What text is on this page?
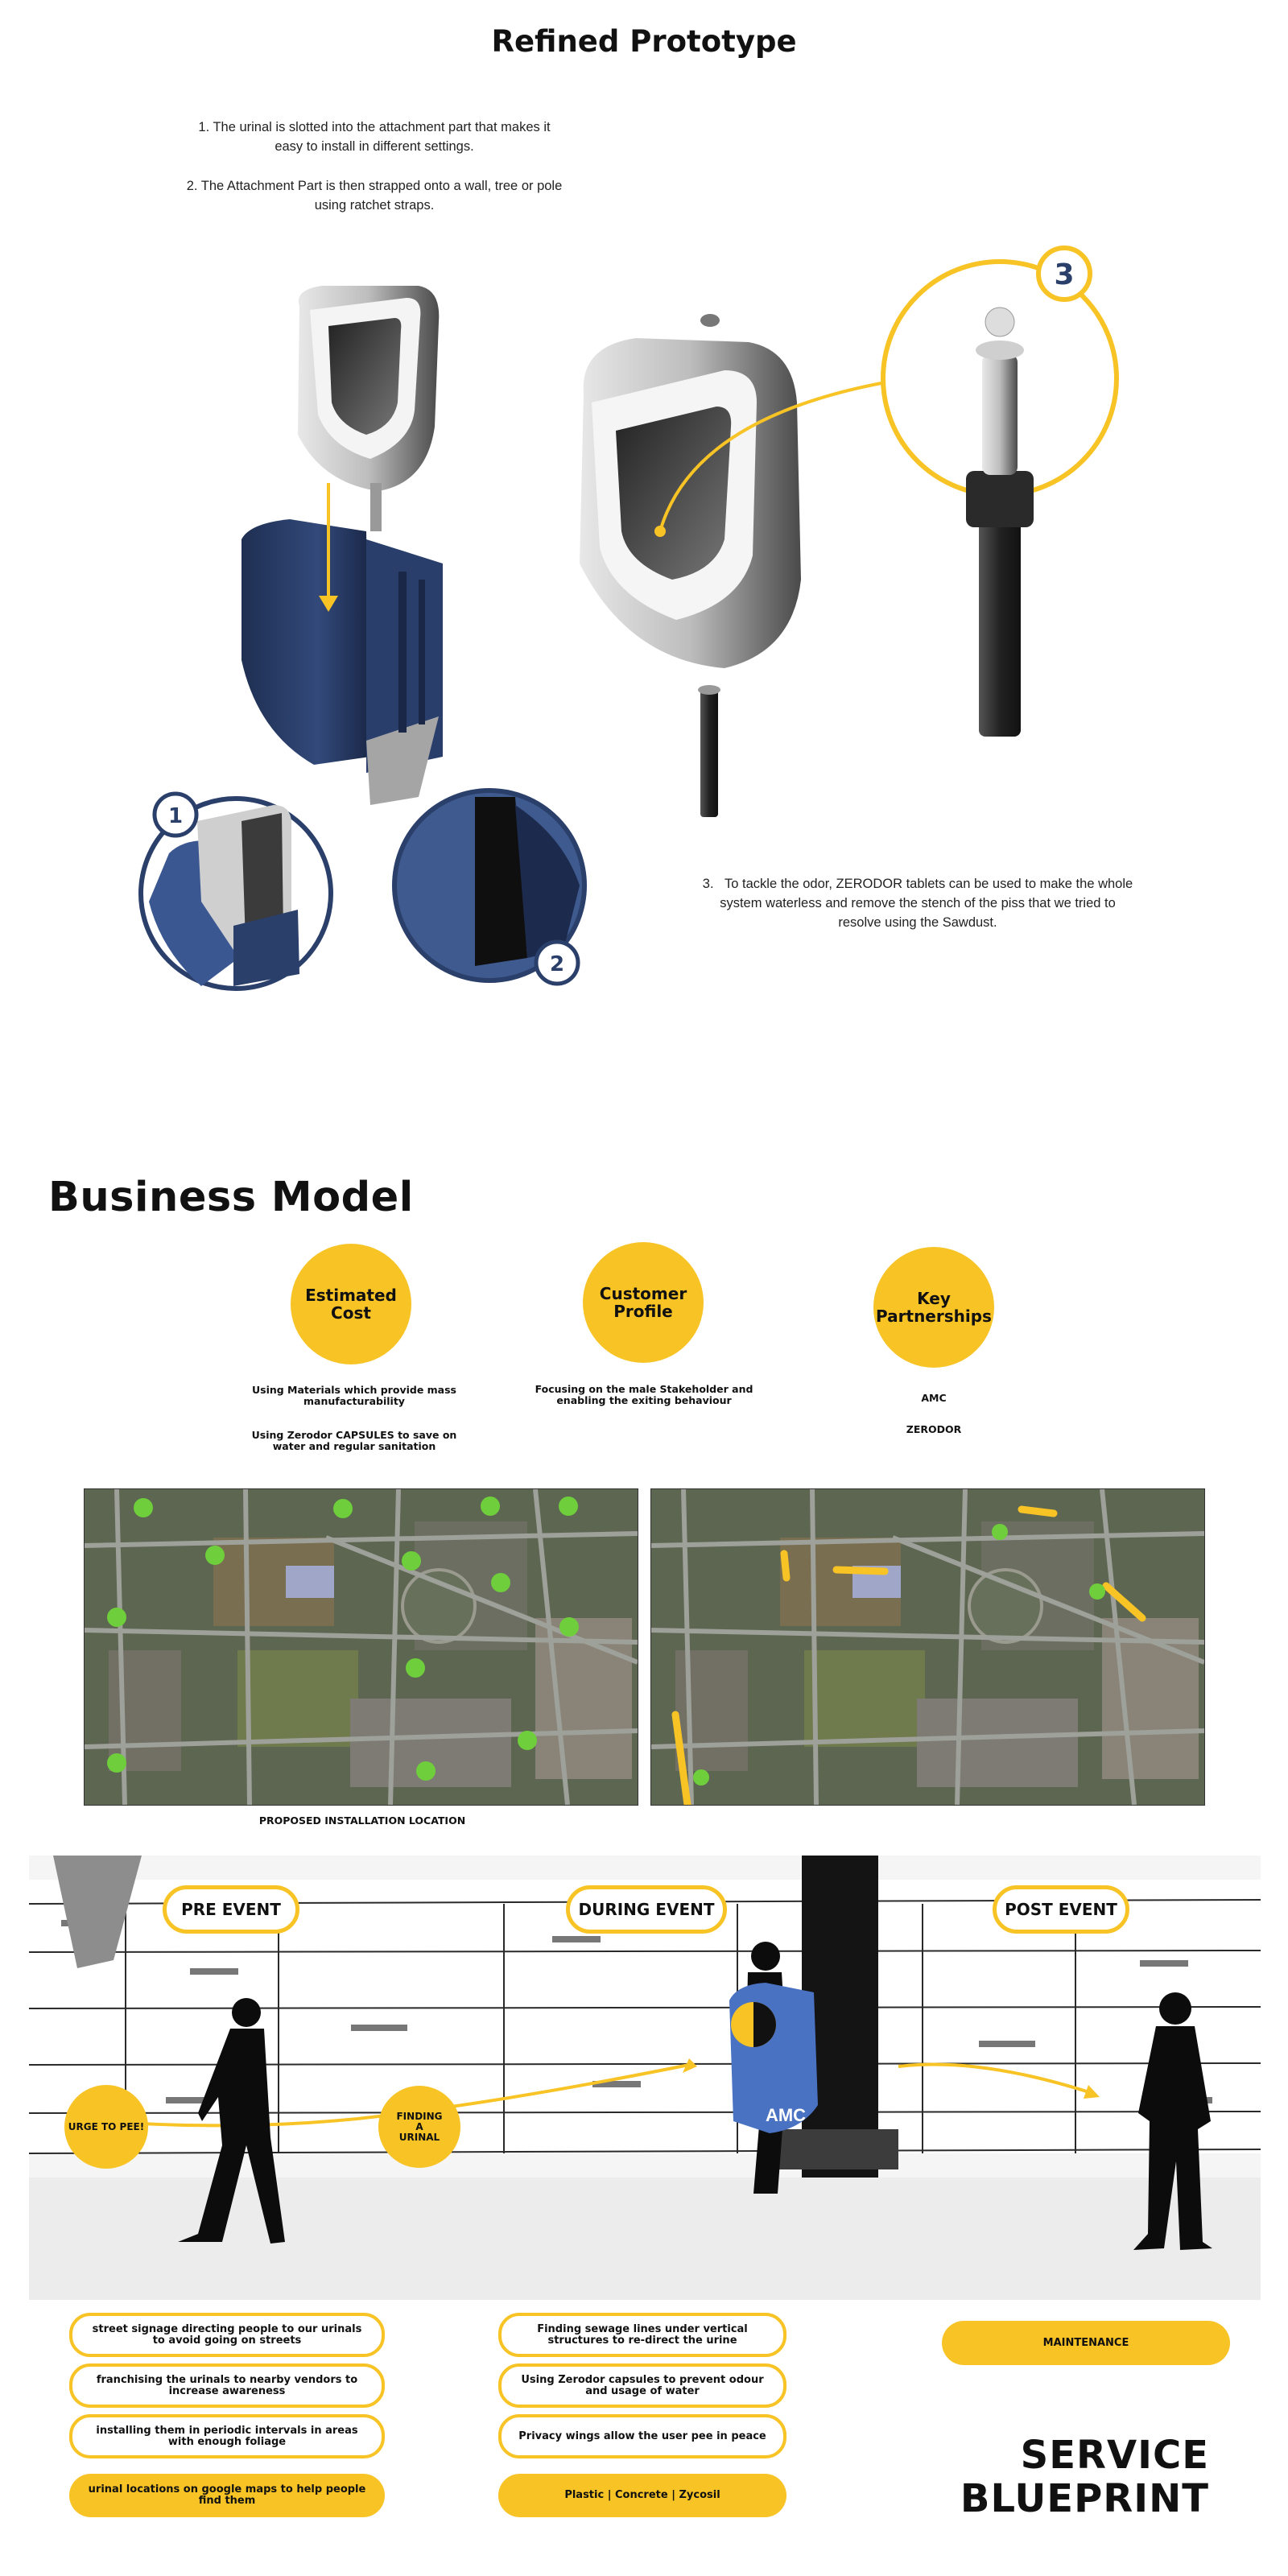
Refined Prototype
1. The urinal is slotted into the attachment part that makes it easy to install in different settings.
2. The Attachment Part is then strapped onto a wall, tree or pole using ratchet straps.
3.   To tackle the odor, ZERODOR tablets can be used to make the whole system waterless and remove the stench of the piss that we tried to resolve using the Sawdust.
1
2
3
Business Model
Estimated Cost
Customer Profile
Key Partnerships
Using Materials which provide mass manufacturability
Using Zerodor CAPSULES to save on water and regular sanitation
Focusing on the male Stakeholder and enabling the exiting behaviour	AMC
ZERODOR
PROPOSED INSTALLATION LOCATION
AMC
PRE EVENT	DURING EVENT	POST EVENT
URGE TO PEE!
FINDING A URINAL
street signage directing people to our urinals to avoid going on streets
franchising the urinals to nearby vendors to increase awareness
installing them in periodic intervals in areas with enough foliage
urinal locations on google maps to help people find them
Finding sewage lines under vertical structures to re-direct the urine
Using Zerodor capsules to prevent odour and usage of water
Privacy wings allow the user pee in peace
Plastic | Concrete | Zycosil
MAINTENANCE
SERVICE
BLUEPRINT
